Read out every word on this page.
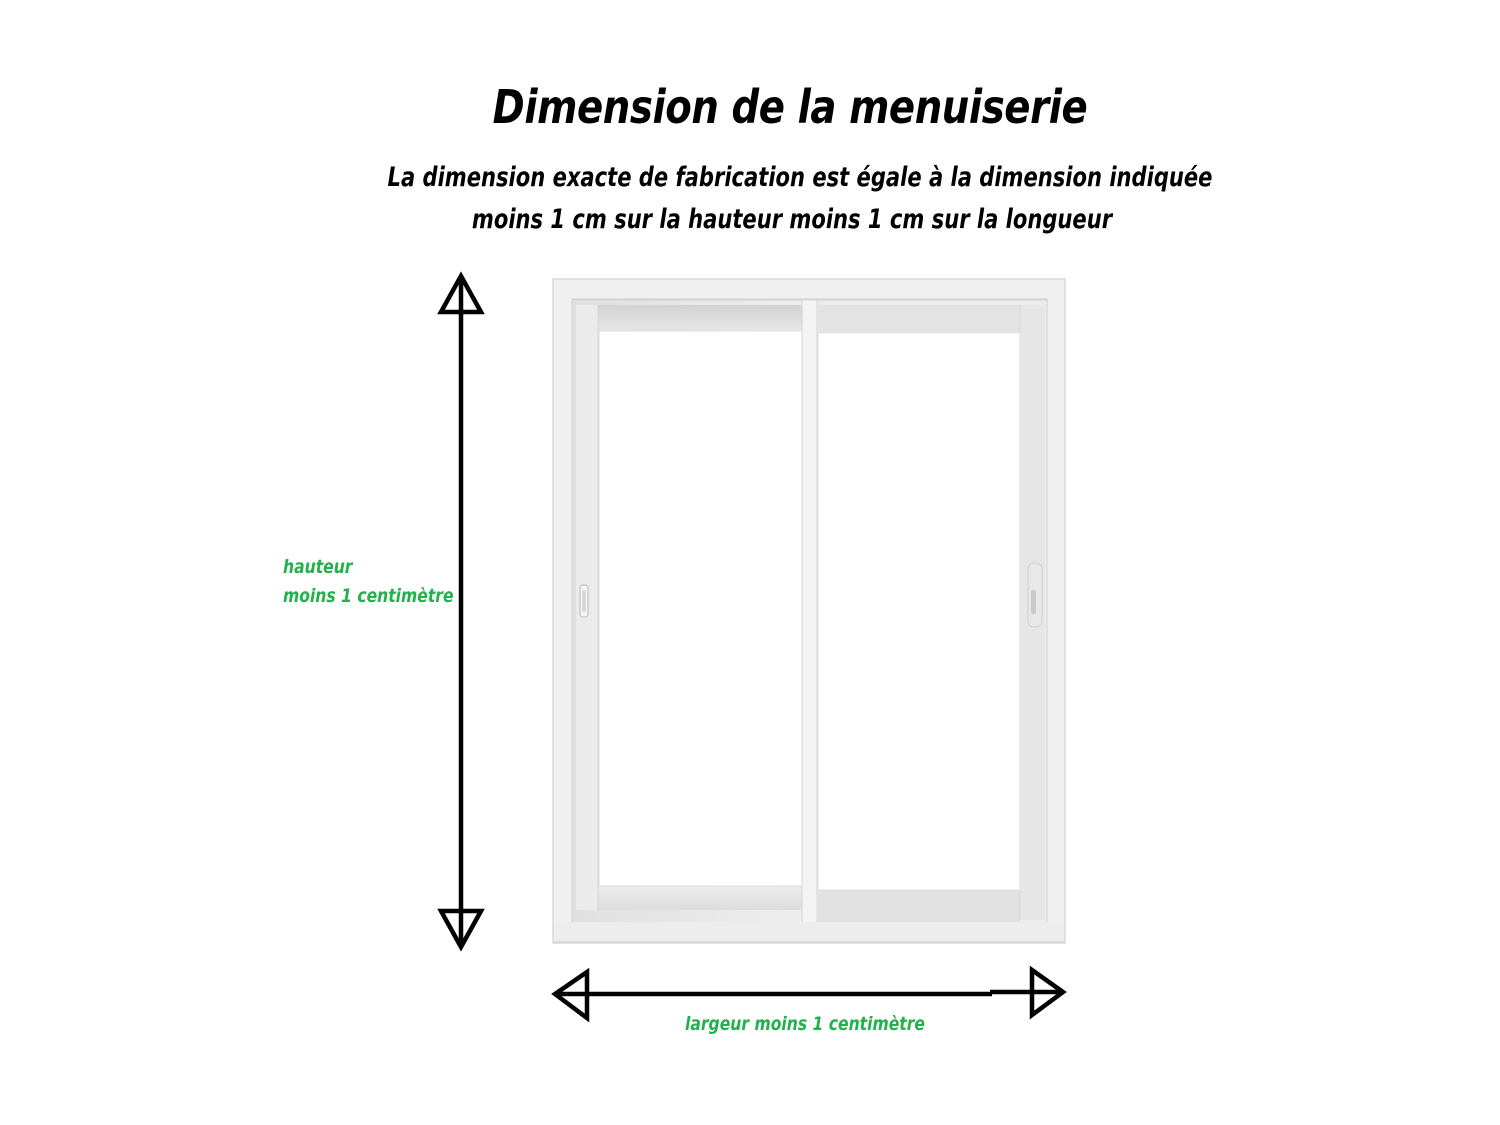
Dimension de la menuiserie
La dimension exacte de fabrication est égale à la dimension indiquée
moins 1 cm sur la hauteur moins 1 cm sur la longueur
hauteur
moins 1 centimètre
largeur moins 1 centimètre
